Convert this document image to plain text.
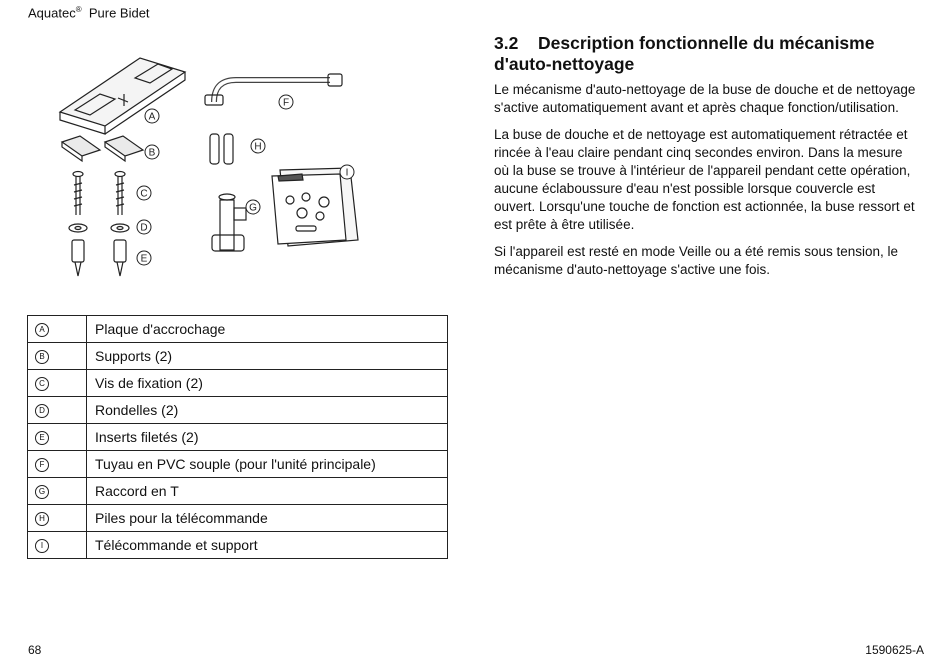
Aquatec® Pure Bidet
A
B
C
D
E
F
G
H
I
A	Plaque d'accrochage
B	Supports (2)
C	Vis de fixation (2)
D	Rondelles (2)
E	Inserts filetés (2)
F	Tuyau en PVC souple (pour l'unité principale)
G	Raccord en T
H	Piles pour la télécommande
I	Télécommande et support
3.2 Description fonctionnelle du mécanisme d'auto-nettoyage

Le mécanisme d'auto-nettoyage de la buse de douche et de nettoyage s'active automatiquement avant et après chaque fonction/utilisation.

La buse de douche et de nettoyage est automatiquement rétractée et rincée à l'eau claire pendant cinq secondes environ. Dans la mesure où la buse se trouve à l'intérieur de l'appareil pendant cette opération, aucune éclaboussure d'eau n'est possible lorsque couvercle est ouvert. Lorsqu'une touche de fonction est actionnée, la buse ressort et est prête à être utilisée.

Si l'appareil est resté en mode Veille ou a été remis sous tension, le mécanisme d'auto-nettoyage s'active une fois.

68	1590625-A
